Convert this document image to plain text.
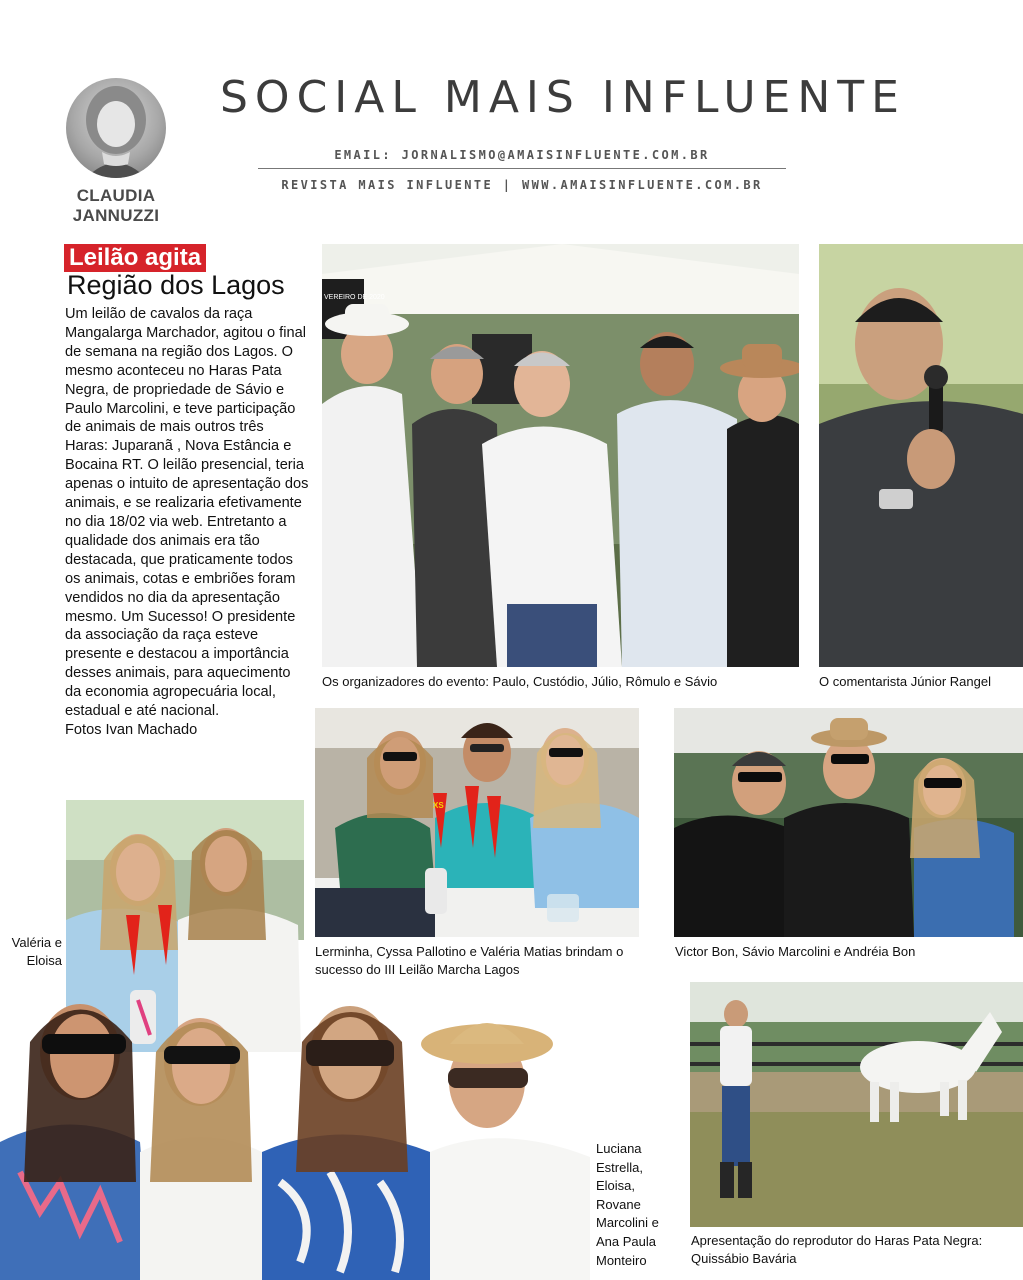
CLAUDIA JANNUZZI
SOCIAL MAIS INFLUENTE
EMAIL: JORNALISMO@AMAISINFLUENTE.COM.BR
REVISTA MAIS INFLUENTE | WWW.AMAISINFLUENTE.COM.BR
Leilão agita
Região dos Lagos

Um leilão de cavalos da raça Mangalarga Marchador, agitou o final de semana na região dos Lagos. O mesmo aconteceu no Haras Pata Negra, de propriedade de Sávio e Paulo Marcolini, e teve participação de animais de mais outros três Haras: Juparanã , Nova Estância e Bocaina RT. O leilão presencial, teria apenas o intuito de apresentação dos animais, e se realizaria efetivamente no dia 18/02 via web. Entretanto a qualidade dos animais era tão destacada, que praticamente todos os animais, cotas e embriões foram vendidos no dia da apresentação mesmo. Um Sucesso! O presidente da associação da raça esteve presente e destacou a importância desses animais, para aquecimento da economia agropecuária local, estadual e até nacional.

Fotos Ivan Machado

VEREIRO DE 2020
Os organizadores do evento: Paulo, Custódio, Júlio, Rômulo e Sávio	O comentarista Júnior Rangel
XS
Lerminha, Cyssa Pallotino e Valéria Matias brindam o sucesso do III Leilão Marcha Lagos
Victor Bon, Sávio Marcolini e Andréia Bon
Valéria e Eloisa
Luciana Estrella, Eloisa, Rovane Marcolini e Ana Paula Monteiro
Apresentação do reprodutor do Haras Pata Negra: Quissábio Bavária
